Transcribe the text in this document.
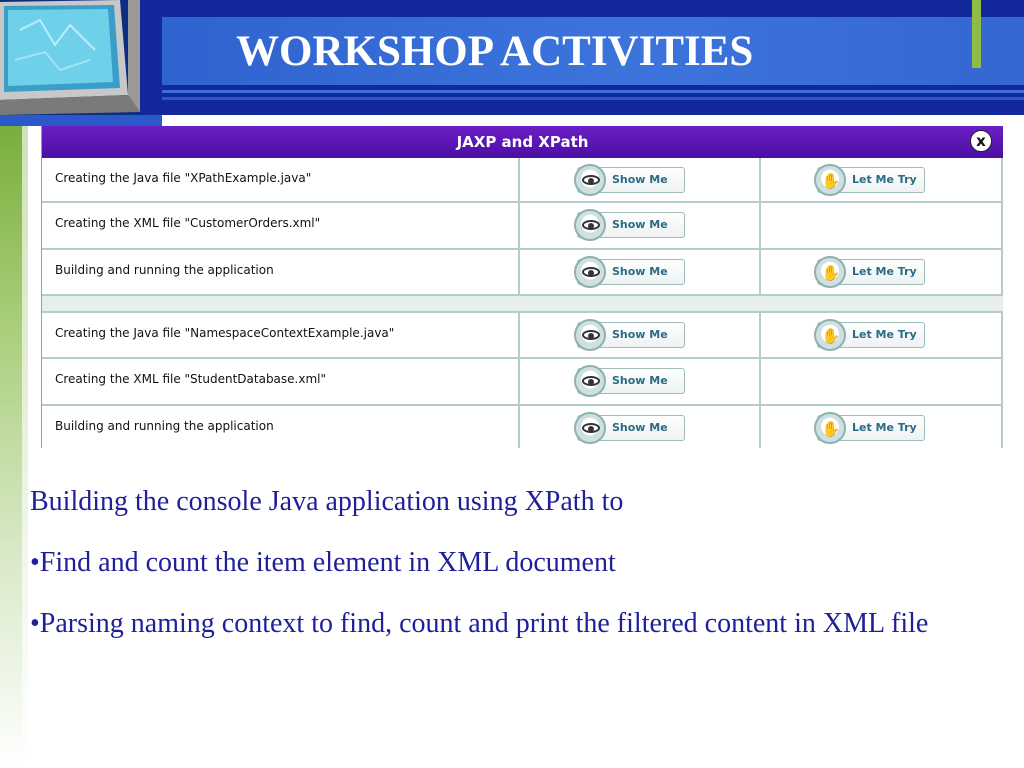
WORKSHOP ACTIVITIES
JAXP and XPath	x
Creating the Java file "XPathExample.java"	Show Me	✋ Let Me Try
Creating the XML file "CustomerOrders.xml"	Show Me
Building and running the application	Show Me	✋ Let Me Try
Creating the Java file "NamespaceContextExample.java"	Show Me	✋ Let Me Try
Creating the XML file "StudentDatabase.xml"	Show Me
Building and running the application	Show Me	✋ Let Me Try
Building the console Java application using XPath to
•Find and count the item element in XML document
•Parsing naming context to find, count and print the filtered content in XML file
